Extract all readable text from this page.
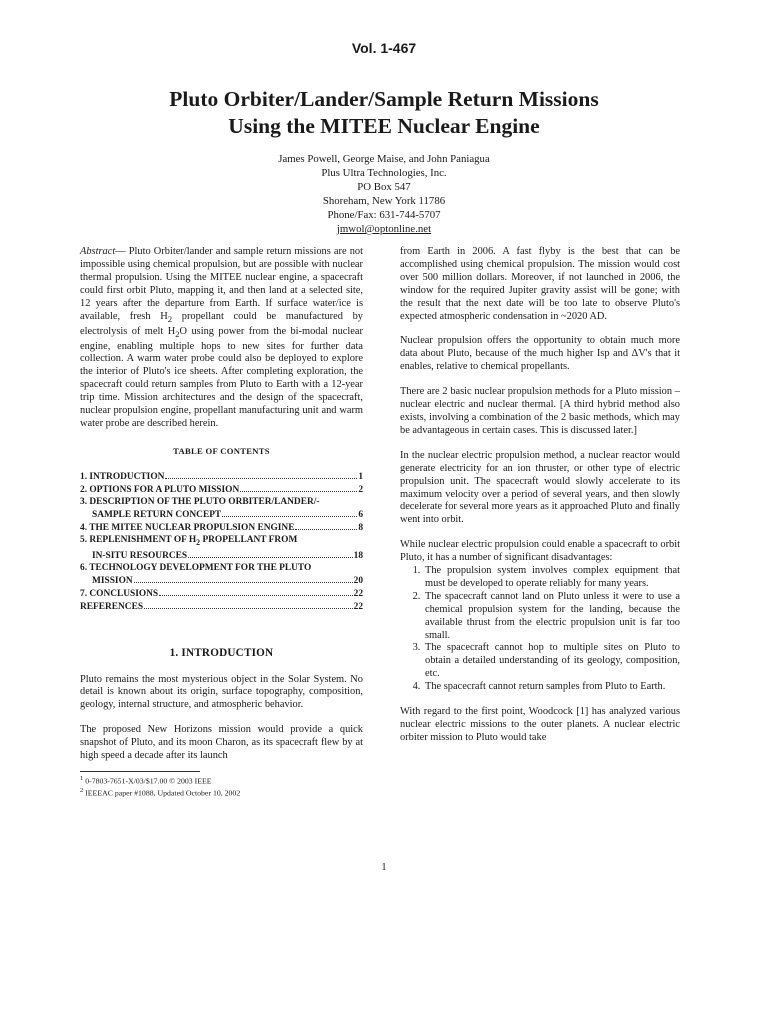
Vol. 1-467
Pluto Orbiter/Lander/Sample Return Missions
Using the MITEE Nuclear Engine
James Powell, George Maise, and John Paniagua
Plus Ultra Technologies, Inc.
PO Box 547
Shoreham, New York 11786
Phone/Fax: 631-744-5707
jmwol@optonline.net

Abstract— Pluto Orbiter/lander and sample return missions are not impossible using chemical propulsion, but are possible with nuclear thermal propulsion. Using the MITEE nuclear engine, a spacecraft could first orbit Pluto, mapping it, and then land at a selected site, 12 years after the departure from Earth. If surface water/ice is available, fresh $H_2$ propellant could be manufactured by electrolysis of melt $H_2O$ using power from the bi-modal nuclear engine, enabling multiple hops to new sites for further data collection. A warm water probe could also be deployed to explore the interior of Pluto's ice sheets. After completing exploration, the spacecraft could return samples from Pluto to Earth with a 12-year trip time. Mission architectures and the design of the spacecraft, nuclear propulsion engine, propellant manufacturing unit and warm water probe are described herein.

TABLE OF CONTENTS
1. INTRODUCTION	1
2. OPTIONS FOR A PLUTO MISSION	2
3. DESCRIPTION OF THE PLUTO ORBITER/LANDER/-
SAMPLE RETURN CONCEPT	6
4. THE MITEE NUCLEAR PROPULSION ENGINE	8
5. REPLENISHMENT OF $H_2$ PROPELLANT FROM
IN-SITU RESOURCES	18
6. TECHNOLOGY DEVELOPMENT FOR THE PLUTO
MISSION	20
7. CONCLUSIONS	22
REFERENCES	22
1. INTRODUCTION

Pluto remains the most mysterious object in the Solar System. No detail is known about its origin, surface topography, composition, geology, internal structure, and atmospheric behavior.

The proposed New Horizons mission would provide a quick snapshot of Pluto, and its moon Charon, as its spacecraft flew by at high speed a decade after its launch

$^1$ 0-7803-7651-X/03/$17.00 © 2003 IEEE
$^2$ IEEEAC paper #1088, Updated October 10, 2002

from Earth in 2006. A fast flyby is the best that can be accomplished using chemical propulsion. The mission would cost over 500 million dollars. Moreover, if not launched in 2006, the window for the required Jupiter gravity assist will be gone; with the result that the next date will be too late to observe Pluto's expected atmospheric condensation in ~2020 AD.

Nuclear propulsion offers the opportunity to obtain much more data about Pluto, because of the much higher Isp and ΔV's that it enables, relative to chemical propellants.

There are 2 basic nuclear propulsion methods for a Pluto mission – nuclear electric and nuclear thermal. [A third hybrid method also exists, involving a combination of the 2 basic methods, which may be advantageous in certain cases. This is discussed later.]

In the nuclear electric propulsion method, a nuclear reactor would generate electricity for an ion thruster, or other type of electric propulsion unit. The spacecraft would slowly accelerate to its maximum velocity over a period of several years, and then slowly decelerate for several more years as it approached Pluto and finally went into orbit.

While nuclear electric propulsion could enable a spacecraft to orbit Pluto, it has a number of significant disadvantages:

1. The propulsion system involves complex equipment that must be developed to operate reliably for many years.
2. The spacecraft cannot land on Pluto unless it were to use a chemical propulsion system for the landing, because the available thrust from the electric propulsion unit is far too small.
3. The spacecraft cannot hop to multiple sites on Pluto to obtain a detailed understanding of its geology, composition, etc.
4. The spacecraft cannot return samples from Pluto to Earth.

With regard to the first point, Woodcock [1] has analyzed various nuclear electric missions to the outer planets. A nuclear electric orbiter mission to Pluto would take

1
